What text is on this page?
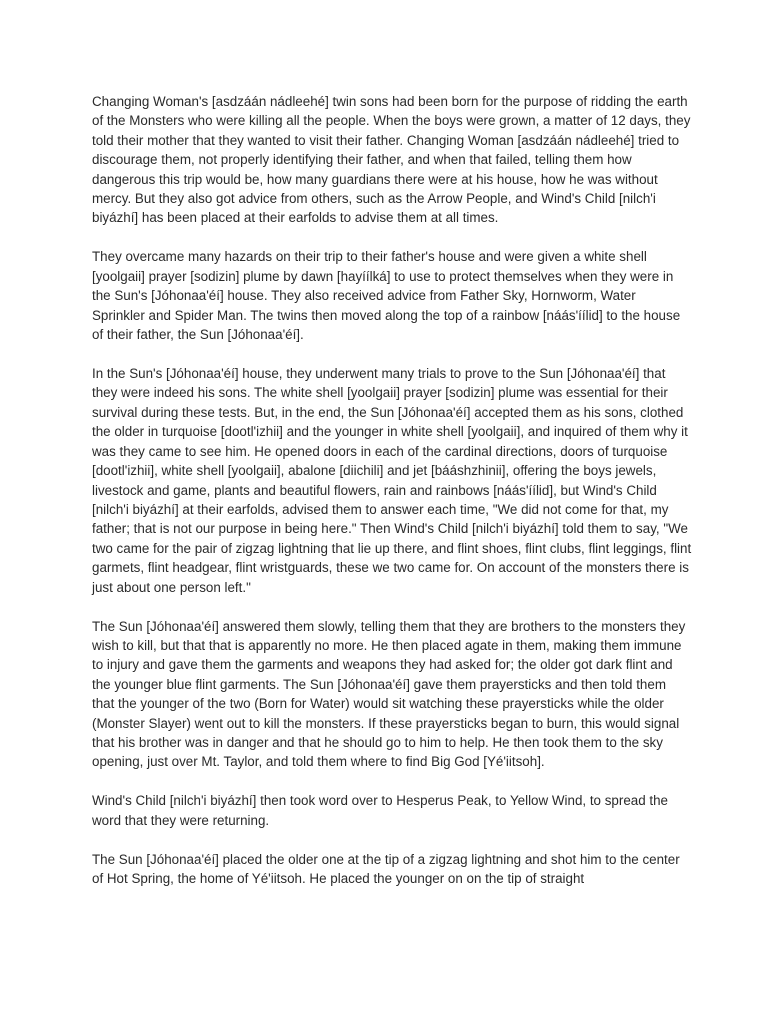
Changing Woman's [asdzáán nádleehé] twin sons had been born for the purpose of ridding the earth of the Monsters who were killing all the people. When the boys were grown, a matter of 12 days, they told their mother that they wanted to visit their father. Changing Woman [asdzáán nádleehé] tried to discourage them, not properly identifying their father, and when that failed, telling them how dangerous this trip would be, how many guardians there were at his house, how he was without mercy. But they also got advice from others, such as the Arrow People, and Wind's Child [nilch'i biyázhí] has been placed at their earfolds to advise them at all times.

They overcame many hazards on their trip to their father's house and were given a white shell [yoolgaii] prayer [sodizin] plume by dawn [hayíílká] to use to protect themselves when they were in the Sun's [Jóhonaa'éí] house. They also received advice from Father Sky, Hornworm, Water Sprinkler and Spider Man. The twins then moved along the top of a rainbow [náás'íílid] to the house of their father, the Sun [Jóhonaa'éí].

In the Sun's [Jóhonaa'éí] house, they underwent many trials to prove to the Sun [Jóhonaa'éí] that they were indeed his sons. The white shell [yoolgaii] prayer [sodizin] plume was essential for their survival during these tests. But, in the end, the Sun [Jóhonaa'éí] accepted them as his sons, clothed the older in turquoise [dootl'izhii] and the younger in white shell [yoolgaii], and inquired of them why it was they came to see him. He opened doors in each of the cardinal directions, doors of turquoise [dootl'izhii], white shell [yoolgaii], abalone [diichili] and jet [bááshzhinii], offering the boys jewels, livestock and game, plants and beautiful flowers, rain and rainbows [náás'íílid], but Wind's Child [nilch'i biyázhí] at their earfolds, advised them to answer each time, "We did not come for that, my father; that is not our purpose in being here." Then Wind's Child [nilch'i biyázhí] told them to say, "We two came for the pair of zigzag lightning that lie up there, and flint shoes, flint clubs, flint leggings, flint garmets, flint headgear, flint wristguards, these we two came for. On account of the monsters there is just about one person left."

The Sun [Jóhonaa'éí] answered them slowly, telling them that they are brothers to the monsters they wish to kill, but that that is apparently no more. He then placed agate in them, making them immune to injury and gave them the garments and weapons they had asked for; the older got dark flint and the younger blue flint garments. The Sun [Jóhonaa'éí] gave them prayersticks and then told them that the younger of the two (Born for Water) would sit watching these prayersticks while the older (Monster Slayer) went out to kill the monsters. If these prayersticks began to burn, this would signal that his brother was in danger and that he should go to him to help. He then took them to the sky opening, just over Mt. Taylor, and told them where to find Big God [Yé'iitsoh].

Wind's Child [nilch'i biyázhí] then took word over to Hesperus Peak, to Yellow Wind, to spread the word that they were returning.

The Sun [Jóhonaa'éí] placed the older one at the tip of a zigzag lightning and shot him to the center of Hot Spring, the home of Yé'iitsoh. He placed the younger on on the tip of straight
